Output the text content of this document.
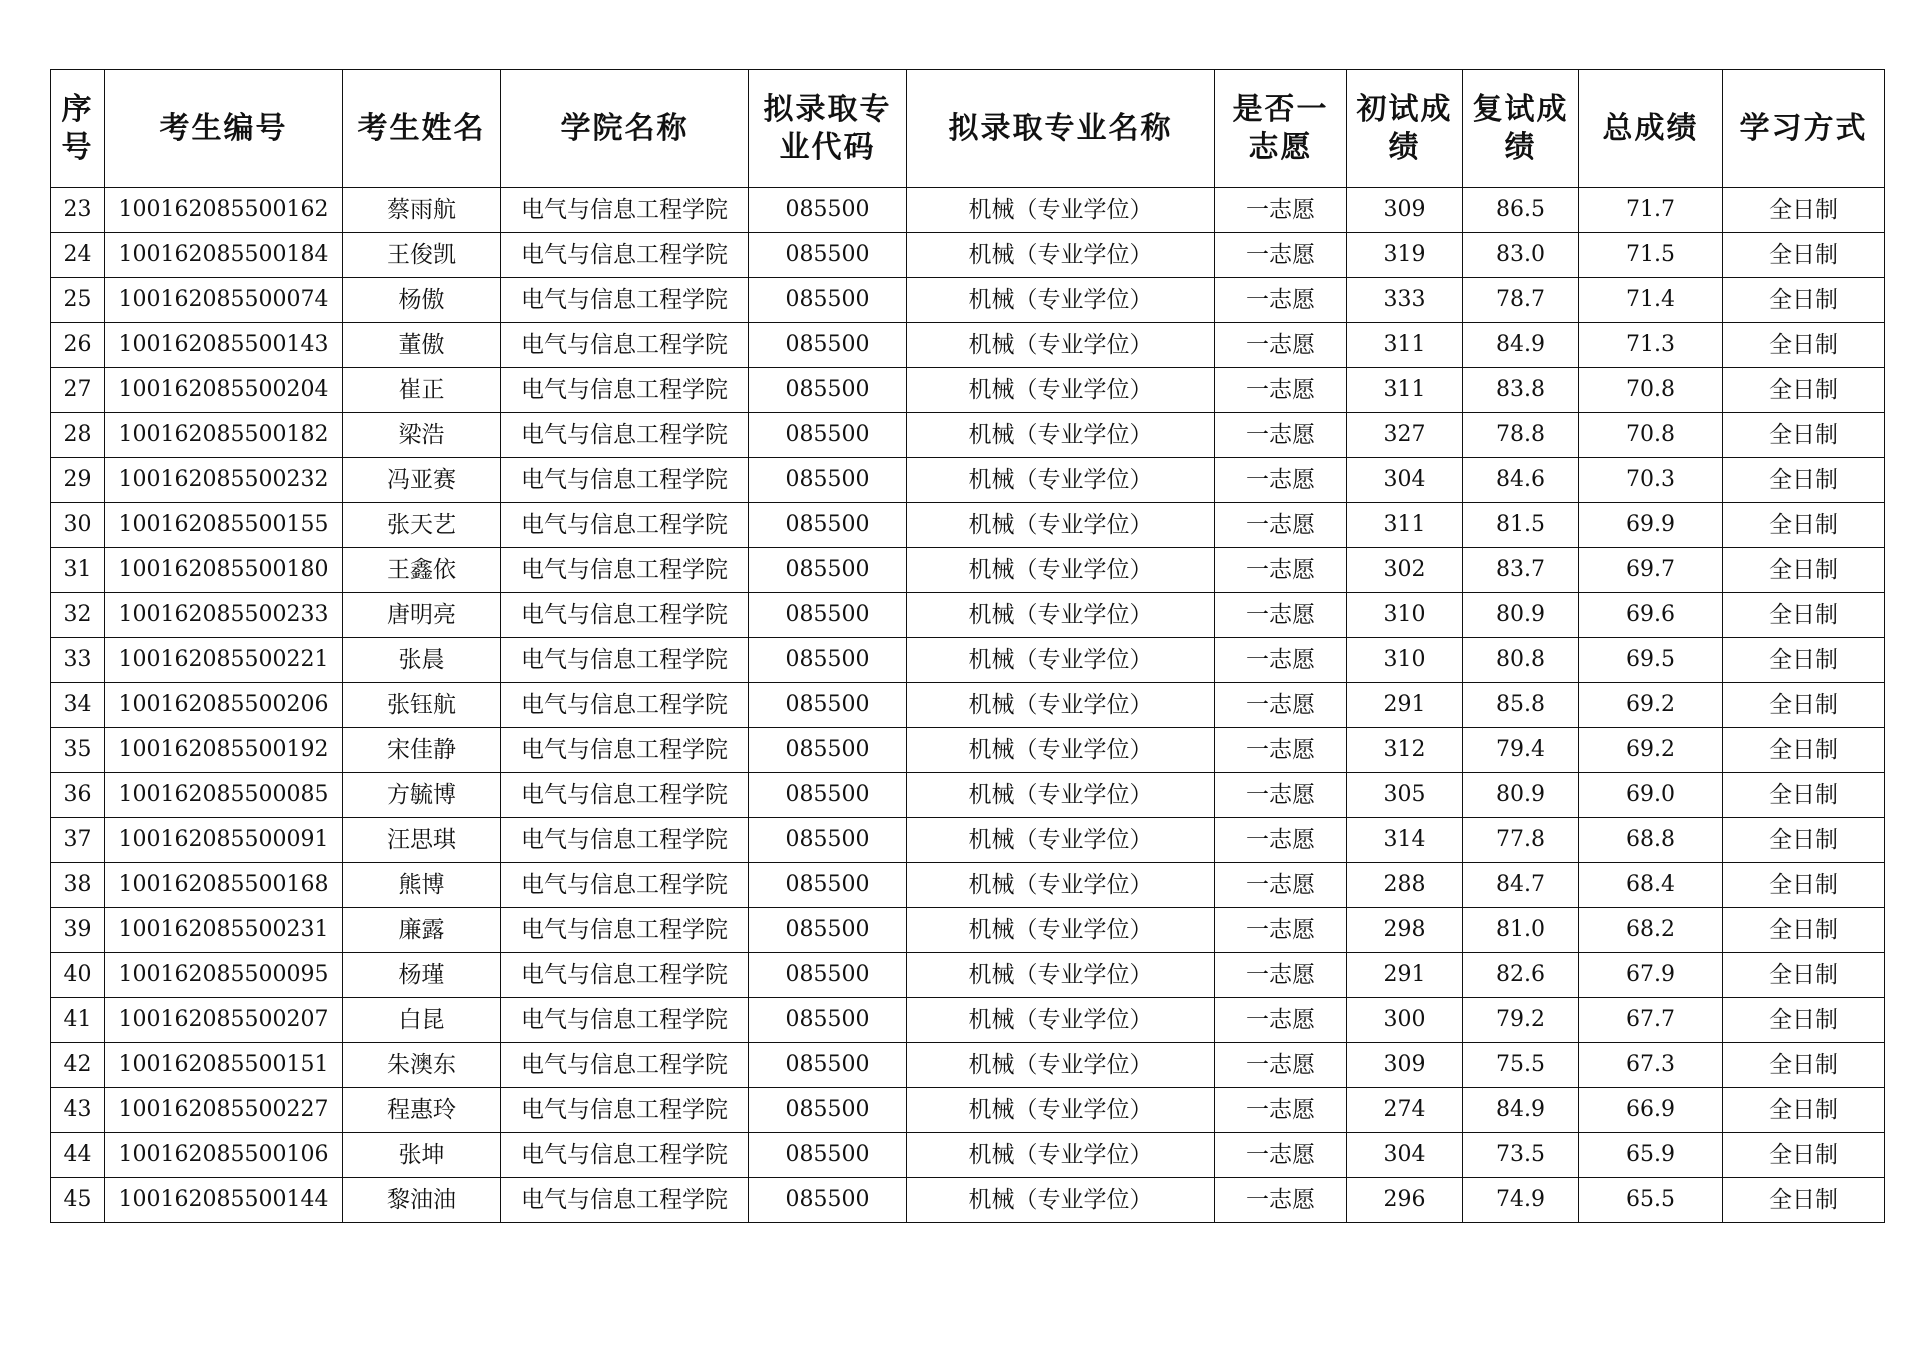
序号	考生编号	考生姓名	学院名称	拟录取专业代码	拟录取专业名称	是否一志愿	初试成绩	复试成绩	总成绩	学习方式
23	100162085500162	蔡雨航	电气与信息工程学院	085500	机械（专业学位）	一志愿	309	86.5	71.7	全日制
24	100162085500184	王俊凯	电气与信息工程学院	085500	机械（专业学位）	一志愿	319	83.0	71.5	全日制
25	100162085500074	杨傲	电气与信息工程学院	085500	机械（专业学位）	一志愿	333	78.7	71.4	全日制
26	100162085500143	董傲	电气与信息工程学院	085500	机械（专业学位）	一志愿	311	84.9	71.3	全日制
27	100162085500204	崔正	电气与信息工程学院	085500	机械（专业学位）	一志愿	311	83.8	70.8	全日制
28	100162085500182	梁浩	电气与信息工程学院	085500	机械（专业学位）	一志愿	327	78.8	70.8	全日制
29	100162085500232	冯亚赛	电气与信息工程学院	085500	机械（专业学位）	一志愿	304	84.6	70.3	全日制
30	100162085500155	张天艺	电气与信息工程学院	085500	机械（专业学位）	一志愿	311	81.5	69.9	全日制
31	100162085500180	王鑫依	电气与信息工程学院	085500	机械（专业学位）	一志愿	302	83.7	69.7	全日制
32	100162085500233	唐明亮	电气与信息工程学院	085500	机械（专业学位）	一志愿	310	80.9	69.6	全日制
33	100162085500221	张晨	电气与信息工程学院	085500	机械（专业学位）	一志愿	310	80.8	69.5	全日制
34	100162085500206	张钰航	电气与信息工程学院	085500	机械（专业学位）	一志愿	291	85.8	69.2	全日制
35	100162085500192	宋佳静	电气与信息工程学院	085500	机械（专业学位）	一志愿	312	79.4	69.2	全日制
36	100162085500085	方毓博	电气与信息工程学院	085500	机械（专业学位）	一志愿	305	80.9	69.0	全日制
37	100162085500091	汪思琪	电气与信息工程学院	085500	机械（专业学位）	一志愿	314	77.8	68.8	全日制
38	100162085500168	熊博	电气与信息工程学院	085500	机械（专业学位）	一志愿	288	84.7	68.4	全日制
39	100162085500231	廉露	电气与信息工程学院	085500	机械（专业学位）	一志愿	298	81.0	68.2	全日制
40	100162085500095	杨瑾	电气与信息工程学院	085500	机械（专业学位）	一志愿	291	82.6	67.9	全日制
41	100162085500207	白昆	电气与信息工程学院	085500	机械（专业学位）	一志愿	300	79.2	67.7	全日制
42	100162085500151	朱澳东	电气与信息工程学院	085500	机械（专业学位）	一志愿	309	75.5	67.3	全日制
43	100162085500227	程惠玲	电气与信息工程学院	085500	机械（专业学位）	一志愿	274	84.9	66.9	全日制
44	100162085500106	张坤	电气与信息工程学院	085500	机械（专业学位）	一志愿	304	73.5	65.9	全日制
45	100162085500144	黎油油	电气与信息工程学院	085500	机械（专业学位）	一志愿	296	74.9	65.5	全日制
